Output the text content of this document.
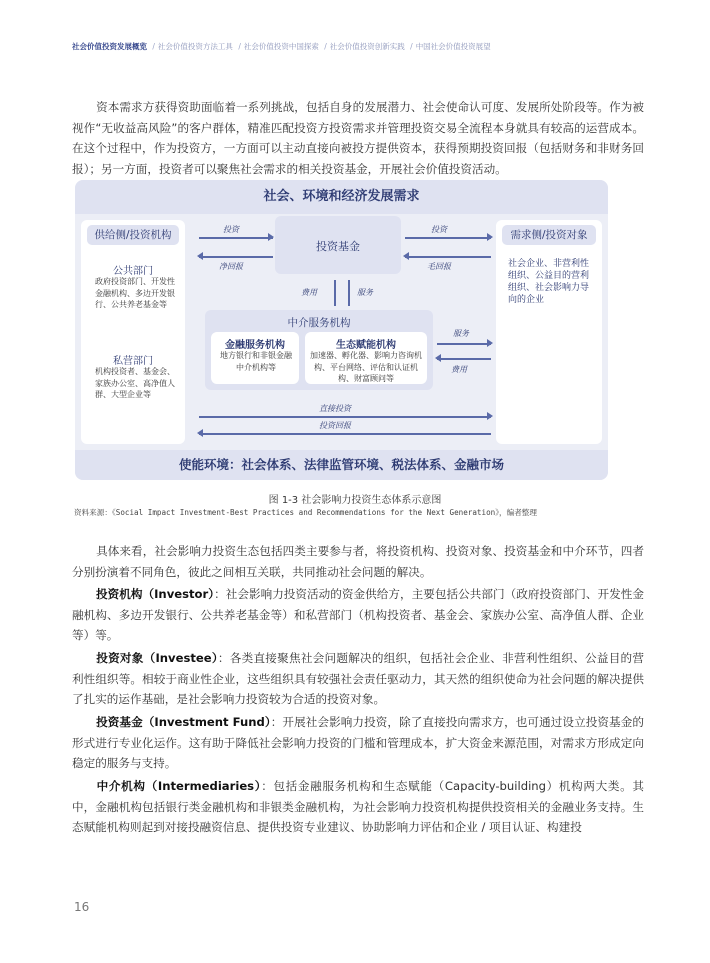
社会价值投资发展概览 / 社会价值投资方法工具 / 社会价值投资中国探索 / 社会价值投资创新实践 / 中国社会价值投资展望
资本需求方获得资助面临着一系列挑战，包括自身的发展潜力、社会使命认可度、发展所处阶段等。作为被视作“无收益高风险”的客户群体，精准匹配投资方投资需求并管理投资交易全流程本身就具有较高的运营成本。在这个过程中，作为投资方，一方面可以主动直接向被投方提供资本，获得预期投资回报（包括财务和非财务回报）；另一方面，投资者可以聚焦社会需求的相关投资基金，开展社会价值投资活动。
社会、环境和经济发展需求
供给侧/投资机构
公共部门
政府投资部门、开发性金融机构、多边开发银行、公共养老基金等
私营部门
机构投资者、基金会、家族办公室、高净值人群、大型企业等
需求侧/投资对象
社会企业、非营利性组织、公益目的营利组织、社会影响力导向的企业
投资基金
投资
净回报
投资
毛回报
费用	服务
中介服务机构
金融服务机构
地方银行和非银金融中介机构等
生态赋能机构
加速器、孵化器、影响力咨询机构、平台网络、评估和认证机构、财富顾问等
服务
费用
直接投资
投资回报
使能环境：社会体系、法律监管环境、税法体系、金融市场
图 1-3 社会影响力投资生态体系示意图
资料来源：《Social Impact Investment-Best Practices and Recommendations for the Next Generation》，编者整理
具体来看，社会影响力投资生态包括四类主要参与者，将投资机构、投资对象、投资基金和中介环节，四者分别扮演着不同角色，彼此之间相互关联，共同推动社会问题的解决。
投资机构（Investor）：社会影响力投资活动的资金供给方，主要包括公共部门（政府投资部门、开发性金融机构、多边开发银行、公共养老基金等）和私营部门（机构投资者、基金会、家族办公室、高净值人群、企业等）等。
投资对象（Investee）：各类直接聚焦社会问题解决的组织，包括社会企业、非营利性组织、公益目的营利性组织等。相较于商业性企业，这些组织具有较强社会责任驱动力，其天然的组织使命为社会问题的解决提供了扎实的运作基础，是社会影响力投资较为合适的投资对象。
投资基金（Investment Fund）：开展社会影响力投资，除了直接投向需求方，也可通过设立投资基金的形式进行专业化运作。这有助于降低社会影响力投资的门槛和管理成本，扩大资金来源范围，对需求方形成定向稳定的服务与支持。
中介机构（Intermediaries）：包括金融服务机构和生态赋能（Capacity-building）机构两大类。其中，金融机构包括银行类金融机构和非银类金融机构，为社会影响力投资机构提供投资相关的金融业务支持。生态赋能机构则起到对接投融资信息、提供投资专业建议、协助影响力评估和企业 / 项目认证、构建投
16
